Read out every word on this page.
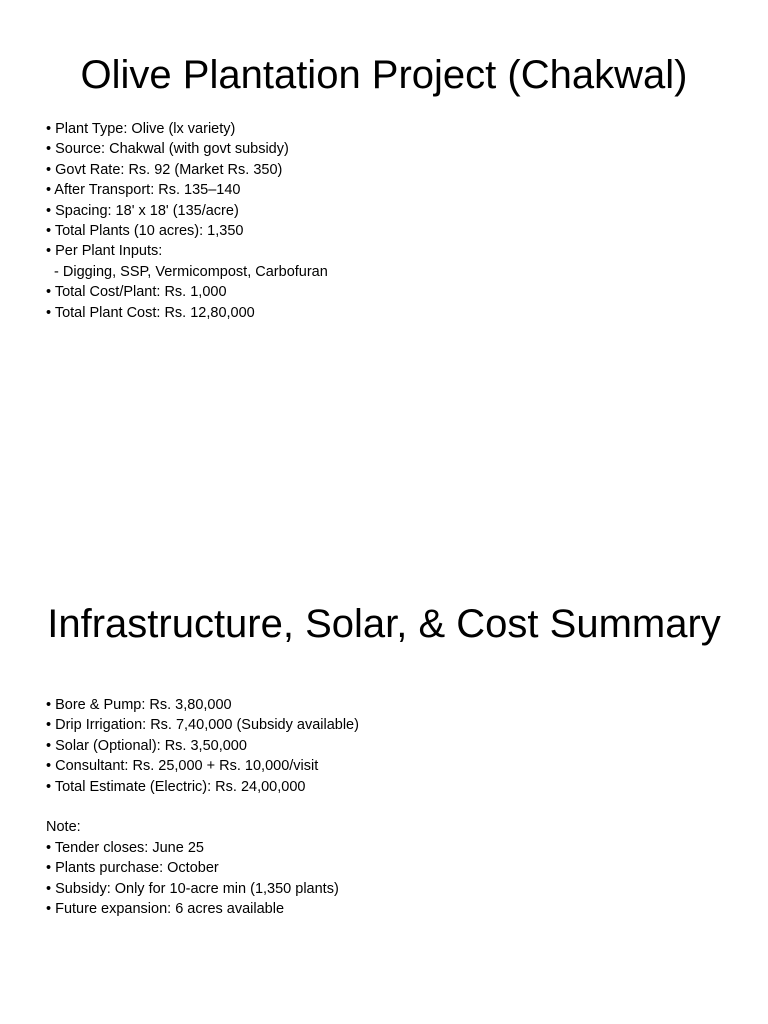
Olive Plantation Project (Chakwal)
• Plant Type: Olive (lx variety)
• Source: Chakwal (with govt subsidy)
• Govt Rate: Rs. 92 (Market Rs. 350)
• After Transport: Rs. 135–140
• Spacing: 18' x 18' (135/acre)
• Total Plants (10 acres): 1,350
• Per Plant Inputs:
- Digging, SSP, Vermicompost, Carbofuran
• Total Cost/Plant: Rs. 1,000
• Total Plant Cost: Rs. 12,80,000
Infrastructure, Solar, & Cost Summary
• Bore & Pump: Rs. 3,80,000
• Drip Irrigation: Rs. 7,40,000 (Subsidy available)
• Solar (Optional): Rs. 3,50,000
• Consultant: Rs. 25,000 + Rs. 10,000/visit
• Total Estimate (Electric): Rs. 24,00,000
Note:
• Tender closes: June 25
• Plants purchase: October
• Subsidy: Only for 10-acre min (1,350 plants)
• Future expansion: 6 acres available
